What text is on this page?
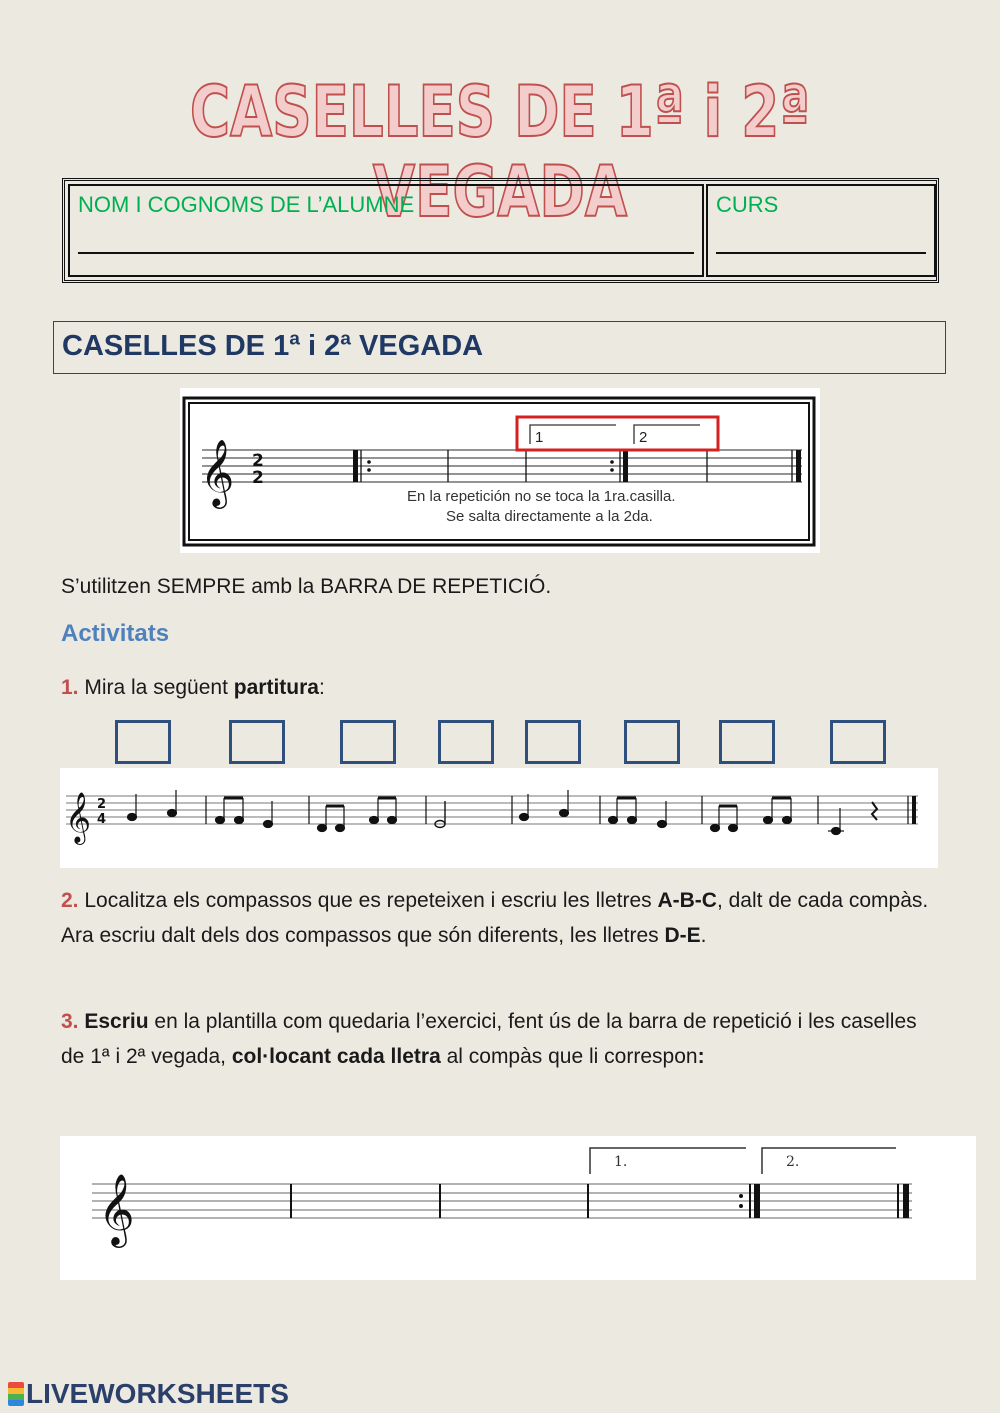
CASELLES DE 1ª i 2ª VEGADA
NOM I COGNOMS DE L’ALUMNE	CURS
CASELLES DE 1ª i 2ª VEGADA
𝄞 2
2
1	2
En la repetición no se toca la 1ra.casilla.
Se salta directamente a la 2da.
S’utilitzen SEMPRE amb la BARRA DE REPETICIÓ.
Activitats
1. Mira la següent partitura:
𝄞 2
4
2. Localitza els compassos que es repeteixen i escriu les lletres A-B-C, dalt de cada compàs. Ara escriu dalt dels dos compassos que són diferents, les lletres D-E.
3. Escriu en la plantilla com quedaria l’exercici, fent ús de la barra de repetició i les caselles de 1ª i 2ª vegada, col·locant cada lletra al compàs que li correspon:
𝄞
1.	2.
LIVEWORKSHEETS
